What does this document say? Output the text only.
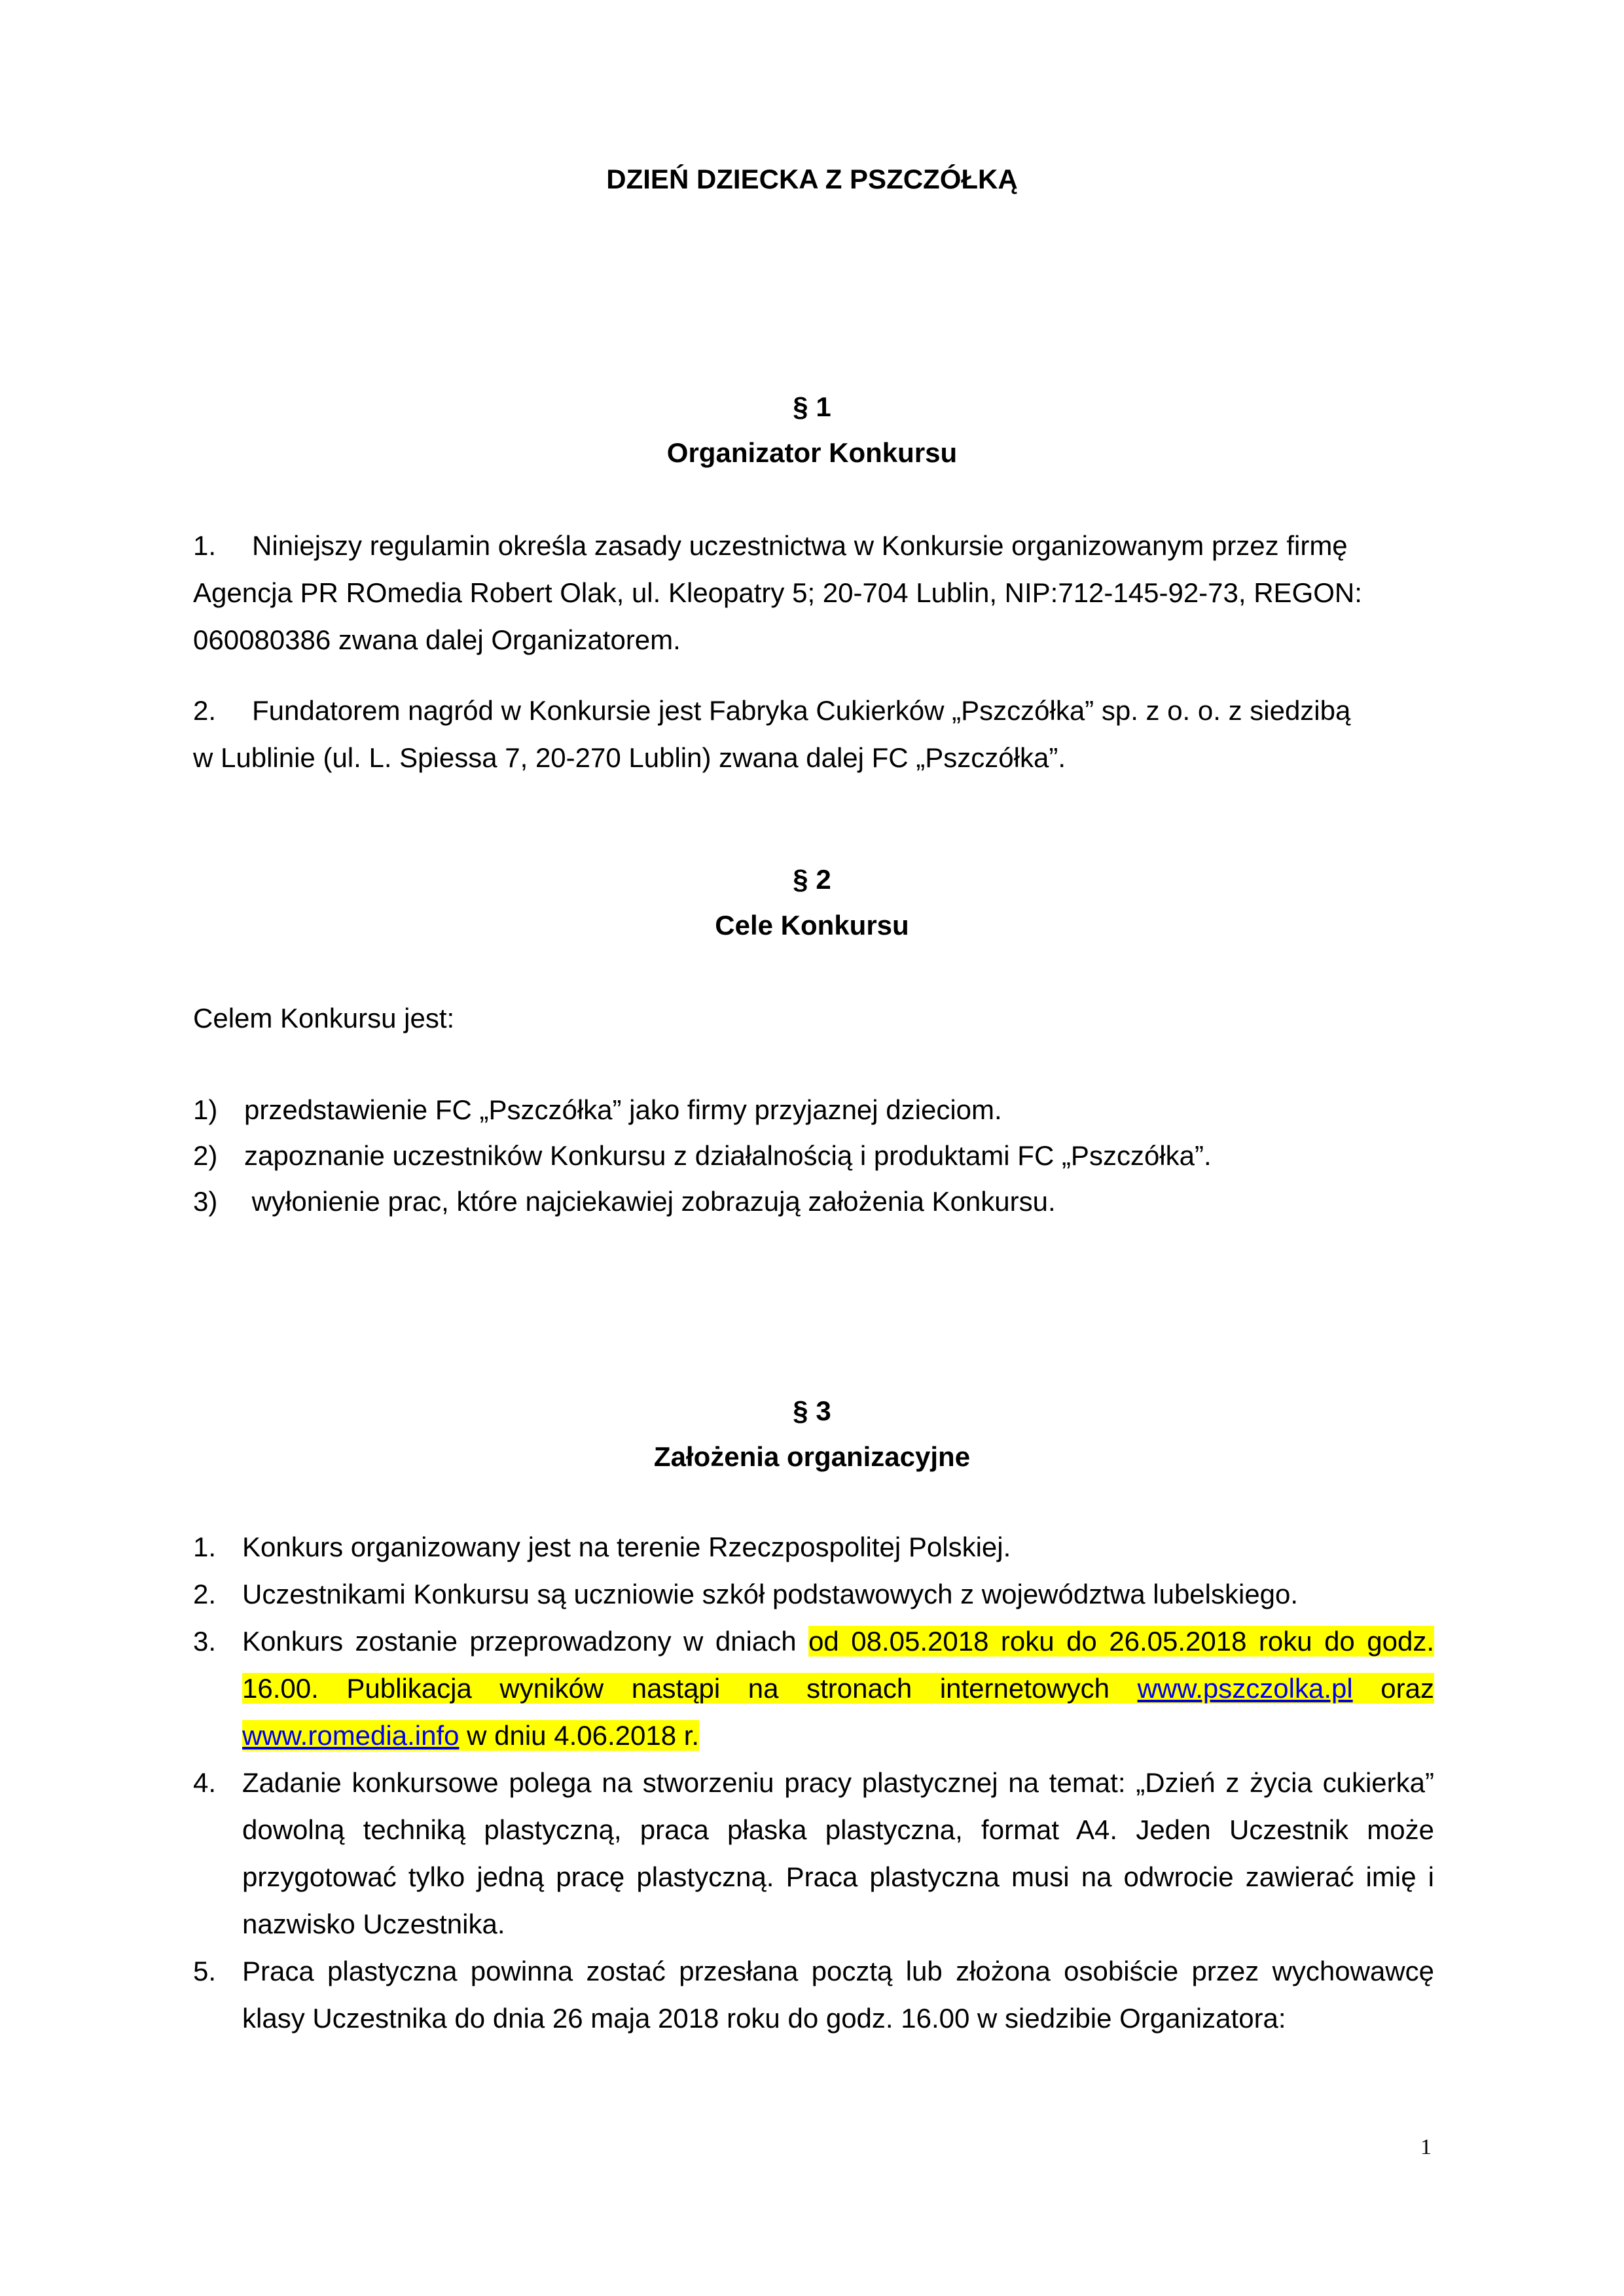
DZIEŃ DZIECKA Z PSZCZÓŁKĄ
§ 1
Organizator Konkursu
1. Niniejszy regulamin określa zasady uczestnictwa w Konkursie organizowanym przez firmę
Agencja PR ROmedia Robert Olak, ul. Kleopatry 5; 20-704 Lublin, NIP:712-145-92-73, REGON:
060080386 zwana dalej Organizatorem.
2. Fundatorem nagród w Konkursie jest Fabryka Cukierków „Pszczółka” sp. z o. o. z siedzibą
w Lublinie (ul. L. Spiessa 7, 20-270 Lublin) zwana dalej FC „Pszczółka”.
§ 2
Cele Konkursu
Celem Konkursu jest:
1) przedstawienie FC „Pszczółka” jako firmy przyjaznej dzieciom.
2) zapoznanie uczestników Konkursu z działalnością i produktami FC „Pszczółka”.
3) wyłonienie prac, które najciekawiej zobrazują założenia Konkursu.
§ 3
Założenia organizacyjne
1. Konkurs organizowany jest na terenie Rzeczpospolitej Polskiej.
2. Uczestnikami Konkursu są uczniowie szkół podstawowych z województwa lubelskiego.
3. Konkurs zostanie przeprowadzony w dniach od 08.05.2018 roku do 26.05.2018 roku do godz. 16.00. Publikacja wyników nastąpi na stronach internetowych www.pszczolka.pl oraz www.romedia.info w dniu 4.06.2018 r.
4. Zadanie konkursowe polega na stworzeniu pracy plastycznej na temat: „Dzień z życia cukierka” dowolną techniką plastyczną, praca płaska plastyczna, format A4. Jeden Uczestnik może przygotować tylko jedną pracę plastyczną. Praca plastyczna musi na odwrocie zawierać imię i nazwisko Uczestnika.
5. Praca plastyczna powinna zostać przesłana pocztą lub złożona osobiście przez wychowawcę klasy Uczestnika do dnia 26 maja 2018 roku do godz. 16.00 w siedzibie Organizatora:
1
